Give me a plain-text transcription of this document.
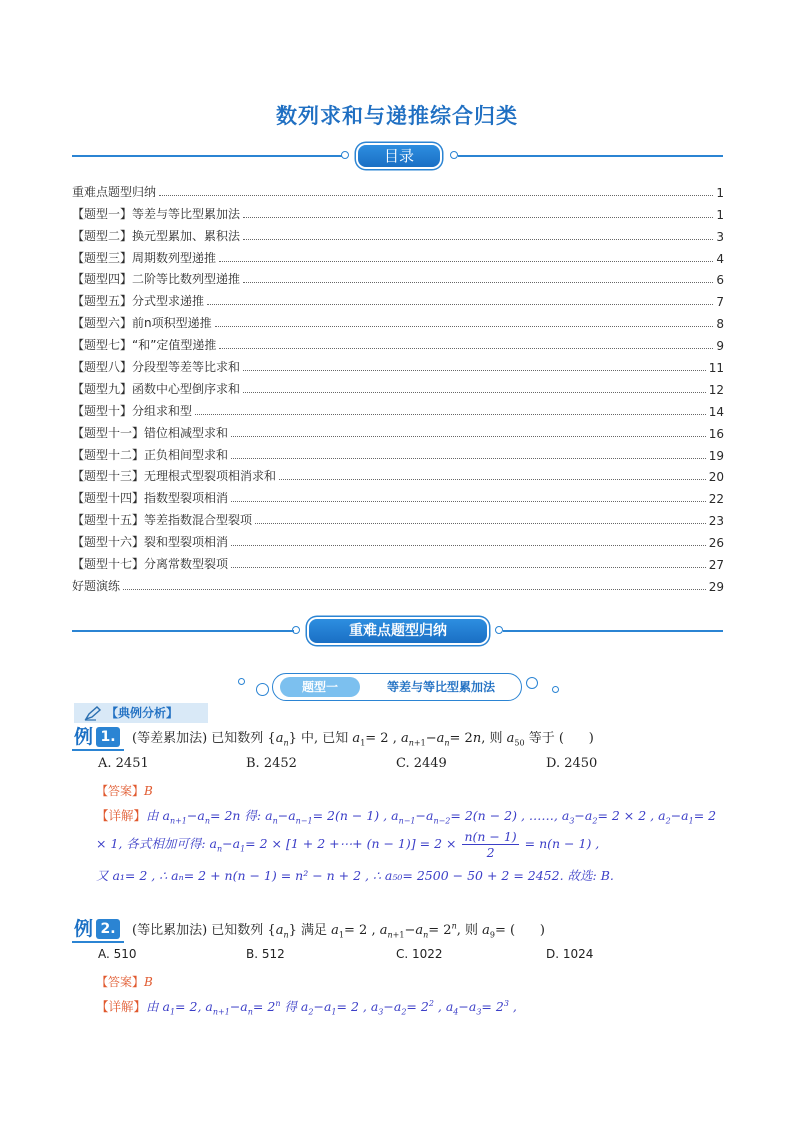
数列求和与递推综合归类
目录
重难点题型归纳	1
【题型一】等差与等比型累加法	1
【题型二】换元型累加、累积法	3
【题型三】周期数列型递推	4
【题型四】二阶等比数列型递推	6
【题型五】分式型求递推	7
【题型六】前n项积型递推	8
【题型七】“和”定值型递推	9
【题型八】分段型等差等比求和	11
【题型九】函数中心型倒序求和	12
【题型十】分组求和型	14
【题型十一】错位相减型求和	16
【题型十二】正负相间型求和	19
【题型十三】无理根式型裂项相消求和	20
【题型十四】指数型裂项相消	22
【题型十五】等差指数混合型裂项	23
【题型十六】裂和型裂项相消	26
【题型十七】分离常数型裂项	27
好题演练	29
重难点题型归纳
题型一	等差与等比型累加法
【典例分析】
例 1.	(等差累加法) 已知数列 $\{a_n\}$ 中, 已知 $a_1= 2$ , $a_{n+1}-a_n= 2n$, 则 $a_{50}$ 等于 (      )
A. 2451	B. 2452	C. 2449	D. 2450
【答案】B
【详解】由 $a_{n+1}-a_n= 2n$ 得: $a_n-a_{n-1}= 2(n - 1)$ , $a_{n-1}-a_{n-2}= 2(n - 2)$ , ……, $a_3-a_2= 2 \times 2$ , $a_2-a_1= 2$
× 1, 各式相加可得: $a_n-a_1= 2 \times [1 + 2$ +⋯+ $(n - 1)] = 2 \times \frac{n(n - 1)}{2} = n(n - 1)$ ,
又 a₁= 2 , ∴ aₙ= 2 + n(n − 1) = n² − n + 2 , ∴ a₅₀= 2500 − 50 + 2 = 2452. 故选: B.
例 2.	(等比累加法) 已知数列 $\{a_n\}$ 满足 $a_1= 2$ , $a_{n+1}-a_n= 2^n$, 则 $a_9=$ (      )
A. 510	B. 512	C. 1022	D. 1024
【答案】B
【详解】由 $a_1= 2$, $a_{n+1}-a_n= 2^n$ 得 $a_2-a_1= 2$ , $a_3-a_2= 2^2$ , $a_4-a_3= 2^3$ ,
